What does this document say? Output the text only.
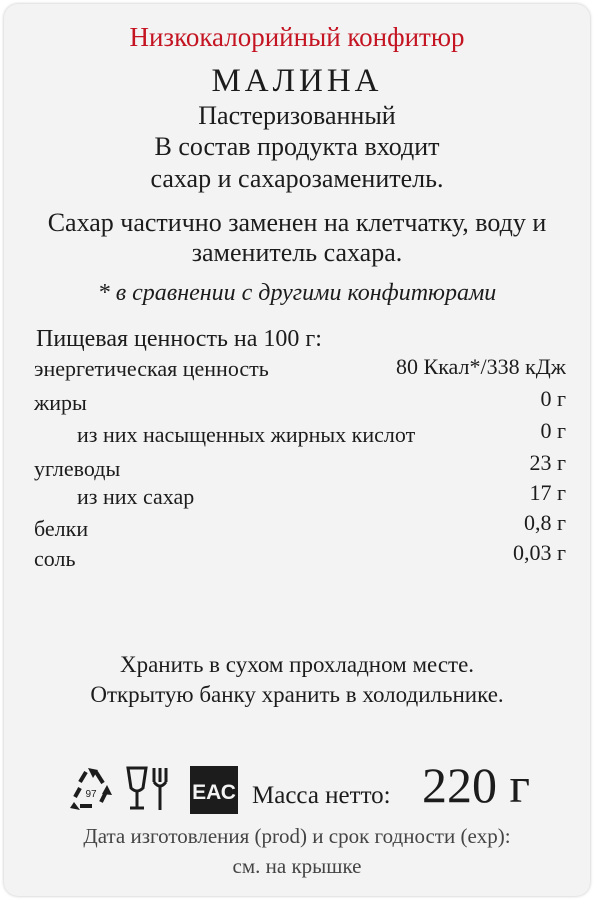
Низкокалорийный конфитюр
МАЛИНА
Пастеризованный
В состав продукта входит
сахар и сахарозаменитель.
Сахар частично заменен на клетчатку, воду и
заменитель сахара.
* в сравнении с другими конфитюрами
Пищевая ценность на 100 г:
энергетическая ценность	80 Ккал*/338 кДж
жиры	0 г
из них насыщенных жирных кислот	0 г
углеводы	23 г
из них сахар	17 г
белки	0,8 г
соль	0,03 г
Хранить в сухом прохладном месте.
Открытую банку хранить в холодильнике.
97	ЕАС Масса нетто: 220 г
Дата изготовления (prod) и срок годности (exp):
см. на крышке
